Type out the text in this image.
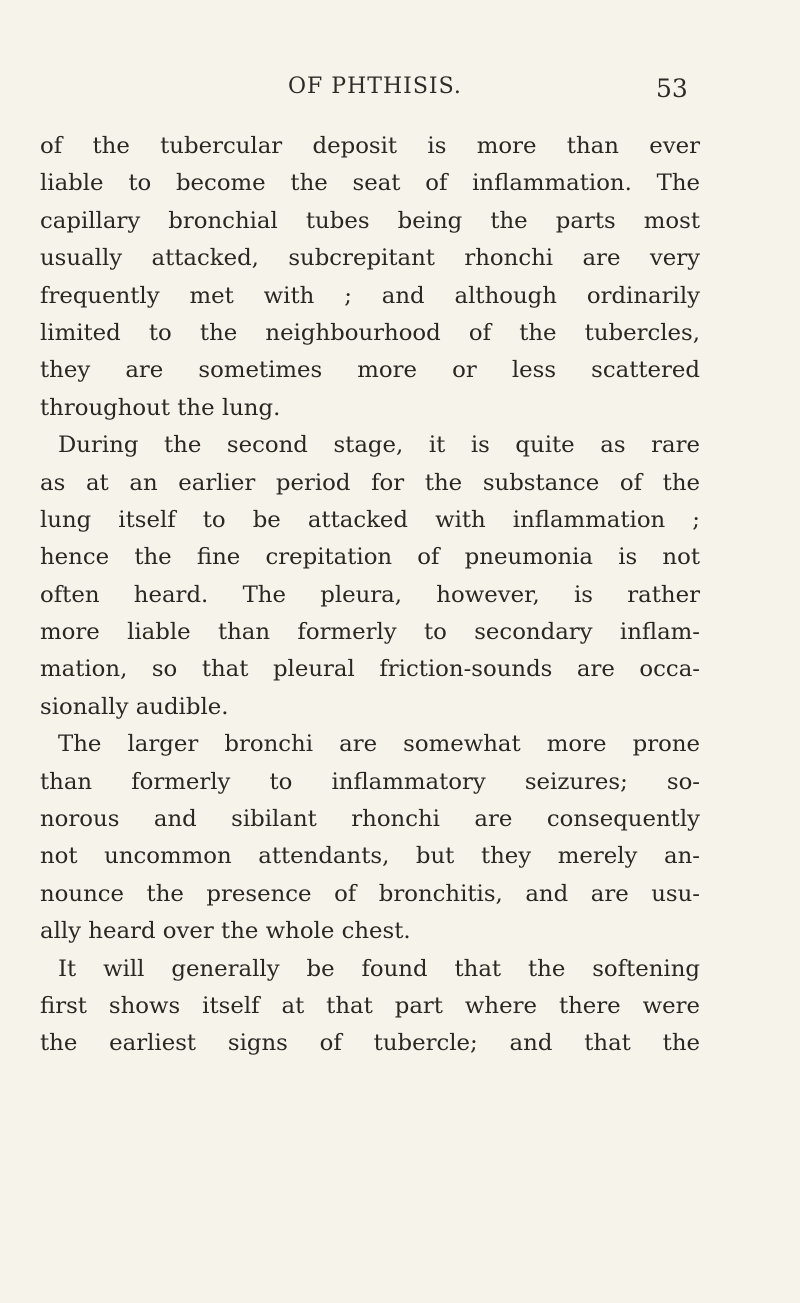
OF PHTHISIS.	53
of the tubercular deposit is more than ever
liable to become the seat of inflammation. The
capillary bronchial tubes being the parts most
usually attacked, subcrepitant rhonchi are very
frequently met with ; and although ordinarily
limited to the neighbourhood of the tubercles,
they are sometimes more or less scattered
throughout the lung.
During the second stage, it is quite as rare
as at an earlier period for the substance of the
lung itself to be attacked with inflammation ;
hence the fine crepitation of pneumonia is not
often heard. The pleura, however, is rather
more liable than formerly to secondary inflam-
mation, so that pleural friction-sounds are occa-
sionally audible.
The larger bronchi are somewhat more prone
than formerly to inflammatory seizures; so-
norous and sibilant rhonchi are consequently
not uncommon attendants, but they merely an-
nounce the presence of bronchitis, and are usu-
ally heard over the whole chest.
It will generally be found that the softening
first shows itself at that part where there were
the earliest signs of tubercle; and that the
